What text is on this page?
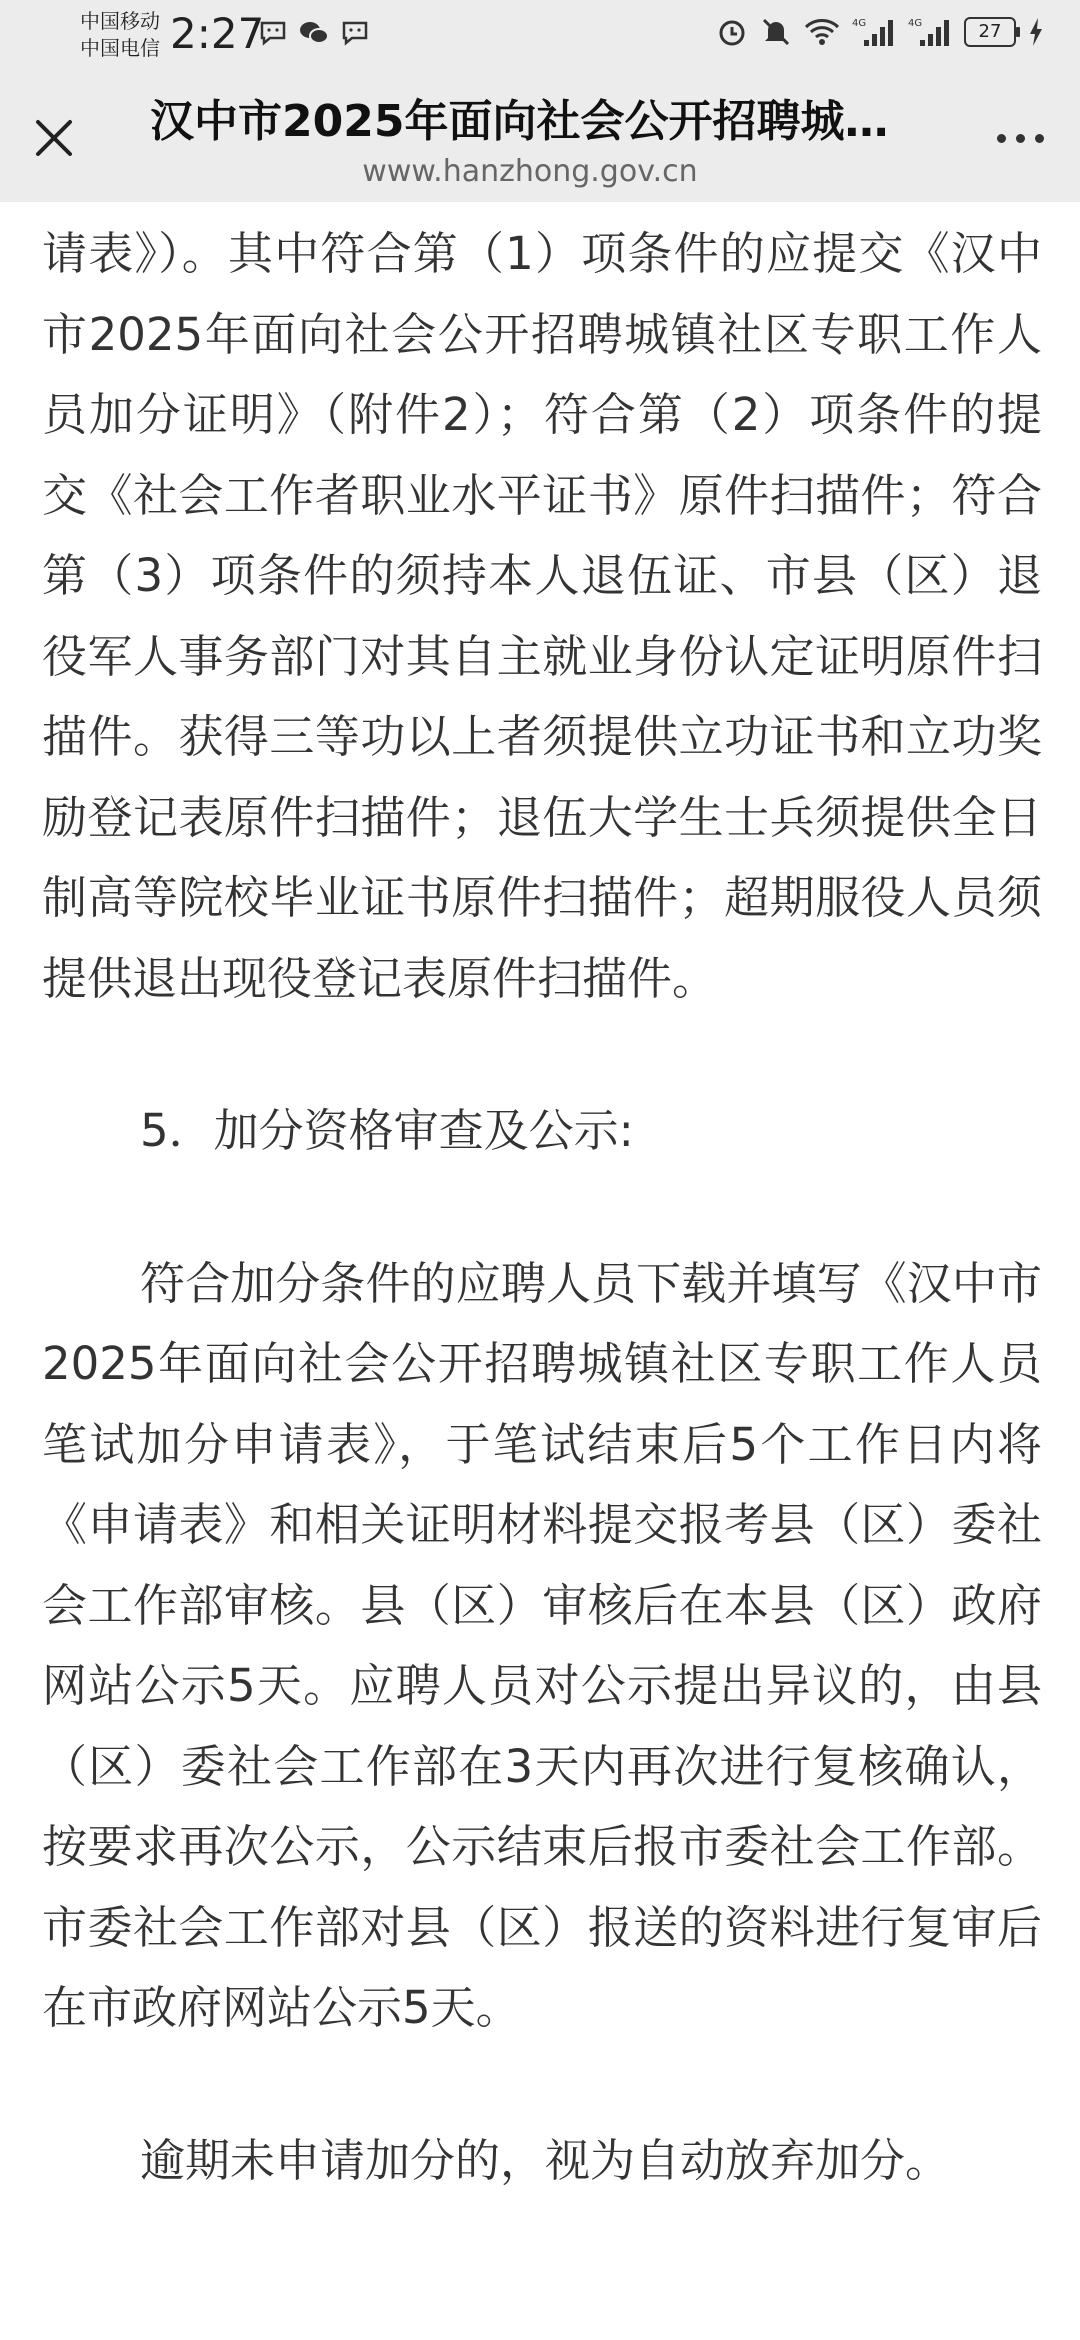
中国移动
中国电信 2:27	4G	4G	27
汉中市2025年面向社会公开招聘城…
www.hanzhong.gov.cn

请表》）。其中符合第（1）项条件的应提交《汉中市2025年面向社会公开招聘城镇社区专职工作人员加分证明》（附件2）；符合第（2）项条件的提交《社会工作者职业水平证书》原件扫描件；符合第（3）项条件的须持本人退伍证、市县（区）退役军人事务部门对其自主就业身份认定证明原件扫描件。获得三等功以上者须提供立功证书和立功奖励登记表原件扫描件；退伍大学生士兵须提供全日制高等院校毕业证书原件扫描件；超期服役人员须提供退出现役登记表原件扫描件。

5．加分资格审查及公示:

符合加分条件的应聘人员下载并填写《汉中市2025年面向社会公开招聘城镇社区专职工作人员笔试加分申请表》，于笔试结束后5个工作日内将《申请表》和相关证明材料提交报考县（区）委社会工作部审核。县（区）审核后在本县（区）政府网站公示5天。应聘人员对公示提出异议的，由县（区）委社会工作部在3天内再次进行复核确认，按要求再次公示，公示结束后报市委社会工作部。市委社会工作部对县（区）报送的资料进行复审后在市政府网站公示5天。

逾期未申请加分的，视为自动放弃加分。
